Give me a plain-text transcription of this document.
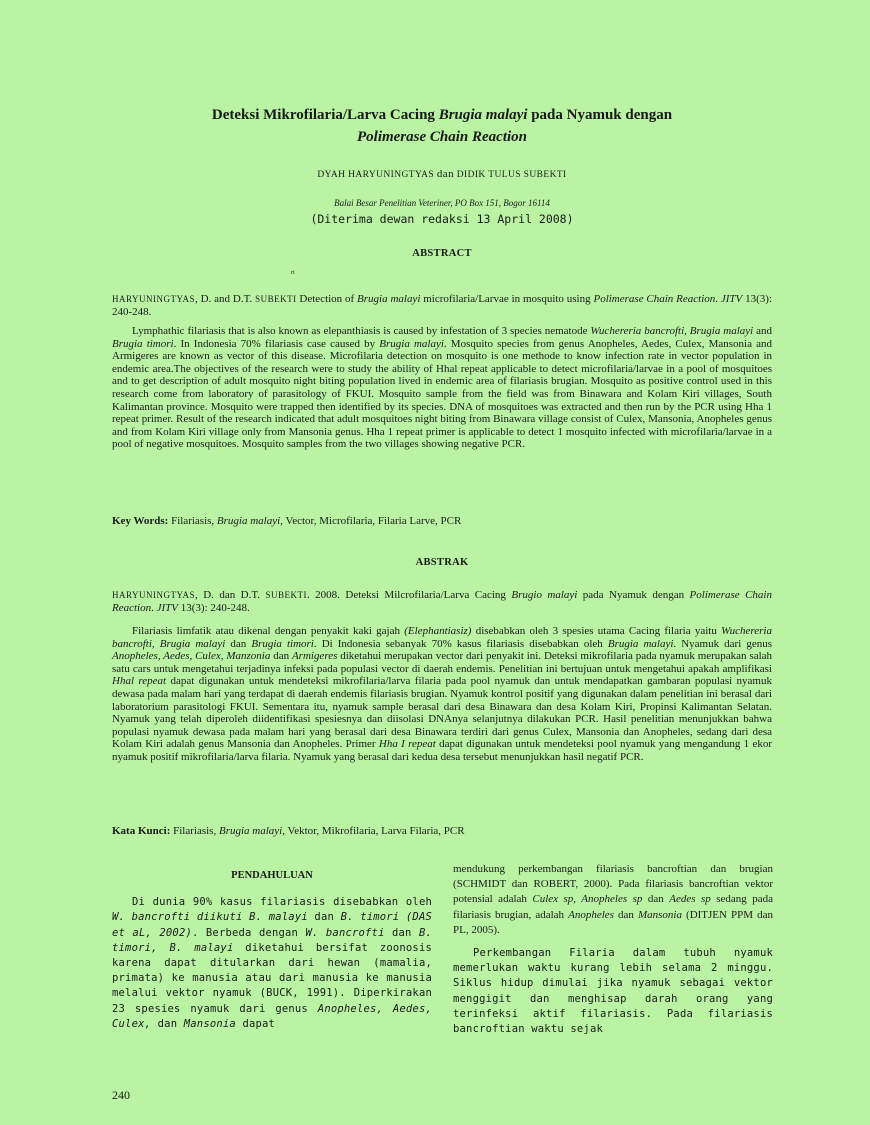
Deteksi Mikrofilaria/Larva Cacing Brugia malayi pada Nyamuk dengan
Polimerase Chain Reaction
DYAH HARYUNINGTYAS dan DIDIK TULUS SUBEKTI
Balai Besar Penelitian Veteriner, PO Box 151, Bogor 16114
(Diterima dewan redaksi 13 April 2008)
ABSTRACT
ri
HARYUNINGTYAS, D. and D.T. SUBEKTI Detection of Brugia malayi microfilaria/Larvae in mosquito using Polimerase Chain Reaction. JITV 13(3): 240-248.
Lymphathic filariasis that is also known as elepanthiasis is caused by infestation of 3 species nematode Wuchereria bancrofti, Brugia malayi and Brugia timori. In Indonesia 70% filariasis case caused by Brugia malayi. Mosquito species from genus Anopheles, Aedes, Culex, Mansonia and Armigeres are known as vector of this disease. Microfilaria detection on mosquito is one methode to know infection rate in vector population in endemic area.The objectives of the research were to study the ability of Hhal repeat applicable to detect microfilaria/larvae in a pool of mosquitoes and to get description of adult mosquito night biting population lived in endemic area of filariasis brugian. Mosquito as positive control used in this research come from laboratory of parasitology of FKUI. Mosquito sample from the field was from Binawara and Kolam Kiri villages, South Kalimantan province. Mosquito were trapped then identified by its species. DNA of mosquitoes was extracted and then run by the PCR using Hha 1 repeat primer. Result of the research indicated that adult mosquitoes night biting from Binawara village consist of Culex, Mansonia, Anopheles genus and from Kolam Kiri village only from Mansonia genus. Hha 1 repeat primer is applicable to detect 1 mosquito infected with microfilaria/larvae in a pool of negative mosquitoes. Mosquito samples from the two villages showing negative PCR.
Key Words: Filariasis, Brugia malayi, Vector, Microfilaria, Filaria Larve, PCR
ABSTRAK
HARYUNINGTYAS, D. dan D.T. SUBEKTI. 2008. Deteksi Milcrofilaria/Larva Cacing Brugio malayi pada Nyamuk dengan Polimerase Chain Reaction. JITV 13(3): 240-248.
Filariasis limfatik atau dikenal dengan penyakit kaki gajah (Elephantiasiz) disebabkan oleh 3 spesies utama Cacing filaria yaitu Wuchereria bancrofti, Brugia malayi dan Brugia timori. Di Indonesia sebanyak 70% kasus filariasis disebabkan oleh Brugia malayi. Nyamuk dari genus Anopheles, Aedes, Culex, Manzonia dan Armigeres diketahui merupakan vector dari penyakit ini. Deteksi mikrofilaria pada nyamuk merupakan salah satu cars untuk mengetahui terjadinya infeksi pada populasi vector di daerah endemis. Penelitian ini bertujuan untuk mengetahui apakah amplifikasi Hhal repeat dapat digunakan untuk mendeteksi mikrofilaria/larva filaria pada pool nyamuk dan untuk mendapatkan gambaran populasi nyamuk dewasa pada malam hari yang terdapat di daerah endemis filariasis brugian. Nyamuk kontrol positif yang digunakan dalam penelitian ini berasal dari laboratorium parasitologi FKUI. Sementara itu, nyamuk sample berasal dari desa Binawara dan desa Kolam Kiri, Propinsi Kalimantan Selatan. Nyamuk yang telah diperoleh diidentifikasi spesiesnya dan diisolasi DNAnya selanjutnya dilakukan PCR. Hasil penelitian menunjukkan bahwa populasi nyamuk dewasa pada malam hari yang berasal dari desa Binawara terdiri dari genus Culex, Mansonia dan Anopheles, sedang dari desa Kolam Kiri adalah genus Mansonia dan Anopheles. Primer Hha I repeat dapat digunakan untuk mendeteksi pool nyamuk yang mengandung 1 ekor nyamuk positif mikrofilaria/larva filaria. Nyamuk yang berasal dari kedua desa tersebut menunjukkan hasil negatif PCR.
Kata Kunci: Filariasis, Brugia malayi, Vektor, Mikrofilaria, Larva Filaria, PCR
PENDAHULUAN

Di dunia 90% kasus filariasis disebabkan oleh W. bancrofti diikuti B. malayi dan B. timori (DAS et aL, 2002). Berbeda dengan W. bancrofti dan B. timori, B. malayi diketahui bersifat zoonosis karena dapat ditularkan dari hewan (mamalia, primata) ke manusia atau dari manusia ke manusia melalui vektor nyamuk (BUCK, 1991). Diperkirakan 23 spesies nyamuk dari genus Anopheles, Aedes, Culex, dan Mansonia dapat

mendukung perkembangan filariasis bancroftian dan brugian (SCHMIDT dan ROBERT, 2000). Pada filariasis bancroftian vektor potensial adalah Culex sp, Anopheles sp dan Aedes sp sedang pada filariasis brugian, adalah Anopheles dan Mansonia (DITJEN PPM dan PL, 2005).

Perkembangan Filaria dalam tubuh nyamuk memerlukan waktu kurang lebih selama 2 minggu. Siklus hidup dimulai jika nyamuk sebagai vektor menggigit dan menghisap darah orang yang terinfeksi aktif filariasis. Pada filariasis bancroftian waktu sejak

240
